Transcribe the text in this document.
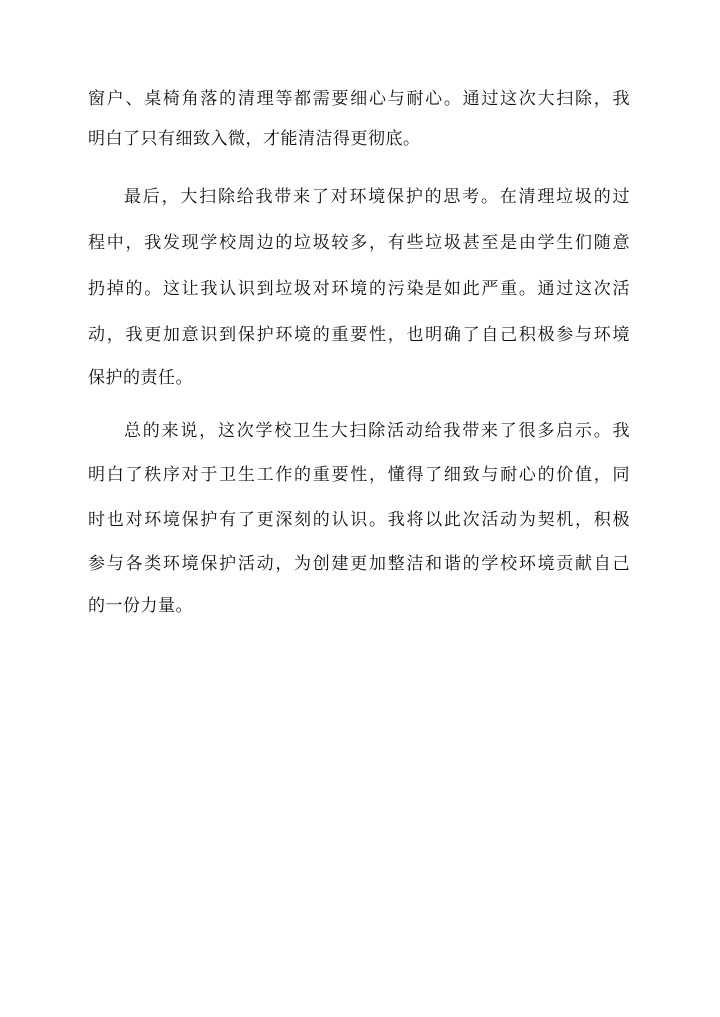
窗户、桌椅角落的清理等都需要细心与耐心。通过这次大扫除，我
明白了只有细致入微，才能清洁得更彻底。
最后，大扫除给我带来了对环境保护的思考。在清理垃圾的过
程中，我发现学校周边的垃圾较多，有些垃圾甚至是由学生们随意
扔掉的。这让我认识到垃圾对环境的污染是如此严重。通过这次活
动，我更加意识到保护环境的重要性，也明确了自己积极参与环境
保护的责任。
总的来说，这次学校卫生大扫除活动给我带来了很多启示。我
明白了秩序对于卫生工作的重要性，懂得了细致与耐心的价值，同
时也对环境保护有了更深刻的认识。我将以此次活动为契机，积极
参与各类环境保护活动，为创建更加整洁和谐的学校环境贡献自己
的一份力量。
